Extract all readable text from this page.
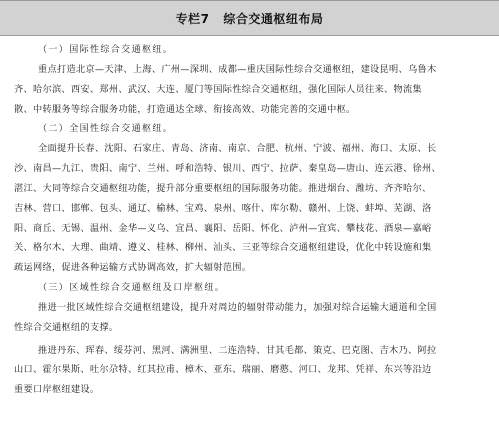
专栏7 综合交通枢纽布局
（一）国际性综合交通枢纽。
重点打造北京—天津、上海、广州—深圳、成都—重庆国际性综合交通枢纽，建设昆明、乌鲁木
齐、哈尔滨、西安、郑州、武汉、大连、厦门等国际性综合交通枢纽，强化国际人员往来、物流集
散、中转服务等综合服务功能，打造通达全球、衔接高效、功能完善的交通中枢。
（二）全国性综合交通枢纽。
全面提升长春、沈阳、石家庄、青岛、济南、南京、合肥、杭州、宁波、福州、海口、太原、长
沙、南昌—九江、贵阳、南宁、兰州、呼和浩特、银川、西宁、拉萨、秦皇岛—唐山、连云港、徐州、
湛江、大同等综合交通枢纽功能，提升部分重要枢纽的国际服务功能。推进烟台、潍坊、齐齐哈尔、
吉林、营口、邯郸、包头、通辽、榆林、宝鸡、泉州、喀什、库尔勒、赣州、上饶、蚌埠、芜湖、洛
阳、商丘、无锡、温州、金华—义乌、宜昌、襄阳、岳阳、怀化、泸州—宜宾、攀枝花、酒泉—嘉峪
关、格尔木、大理、曲靖、遵义、桂林、柳州、汕头、三亚等综合交通枢纽建设，优化中转设施和集
疏运网络，促进各种运输方式协调高效，扩大辐射范围。
（三）区域性综合交通枢纽及口岸枢纽。
推进一批区域性综合交通枢纽建设，提升对周边的辐射带动能力，加强对综合运输大通道和全国
性综合交通枢纽的支撑。
推进丹东、珲春、绥芬河、黑河、满洲里、二连浩特、甘其毛都、策克、巴克图、吉木乃、阿拉
山口、霍尔果斯、吐尔尕特、红其拉甫、樟木、亚东、瑞丽、磨憨、河口、龙邦、凭祥、东兴等沿边
重要口岸枢纽建设。
